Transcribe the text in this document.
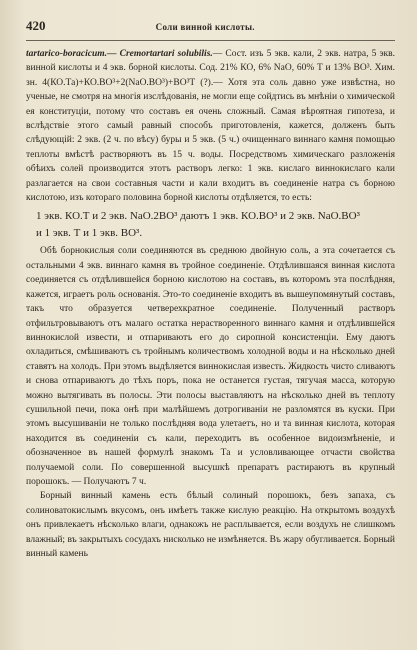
420	Соли винной кислоты.

tartarico-boracicum.— Cremortartari solubilis.— Сост. изъ 5 экв. кали, 2 экв. натра, 5 экв. винной кислоты и 4 экв. борной кислоты. Сод. 21% КО, 6% NaO, 60% Т и 13% ВО³. Хим. зн. 4(КО.Та)+КО.ВО³+2(NaO.ВО³)+ВО³Т (?).— Хотя эта соль давно уже извѣстна, но ученые, не смотря на многія изслѣдованія, не могли еще сойдтись въ мнѣніи о химической ея конституціи, потому что составъ ея очень сложный. Самая вѣроятная гипотеза, и вслѣдствіе этого самый равный способъ приготовленія, кажется, долженъ быть слѣдующій: 2 экв. (2 ч. по вѣсу) буры и 5 экв. (5 ч.) очищеннаго виннаго камня помощью теплоты вмѣстѣ растворяютъ въ 15 ч. воды. Посредствомъ химическаго разложенія обѣихъ солей производится этотъ растворъ легко: 1 экв. кислаго виннокислаго кали разлагается на свои составныя части и кали входитъ въ соединеніе натра съ борною кислотою, изъ котораго половина борной кислоты отдѣляется, то есть:

1 экв. КО.Т и 2 экв. NaO.2ВО³ даютъ 1 экв. КО.ВО³ и 2 экв. NaO.ВО³
и 1 экв. Т и 1 экв. ВО³.

Обѣ борнокислыя соли соединяются въ среднюю двойную соль, а эта сочетается съ остальными 4 экв. виннаго камня въ тройное соединеніе. Отдѣлившаяся винная кислота соединяется съ отдѣлившейся борною кислотою на составъ, въ которомъ эта послѣдняя, кажется, играетъ роль основанія. Это-то соединеніе входитъ въ вышеупомянутый составъ, такъ что образуется четверехкратное соединеніе. Полученный растворъ отфильтровываютъ отъ малаго остатка нерастворенного виннаго камня и отдѣлившейся виннокислой извести, и отпариваютъ его до сиропной консистенціи. Ему даютъ охладиться, смѣшиваютъ съ тройнымъ количествомъ холодной воды и на нѣсколько дней ставятъ на холодъ. При этомъ выдѣляется виннокислая известь. Жидкость чисто сливаютъ и снова отпариваютъ до тѣхъ поръ, пока не останется густая, тягучая масса, которую можно вытягивать въ полосы. Эти полосы выставляютъ на нѣсколько дней въ теплоту сушильной печи, пока онѣ при малѣйшемъ дотрогиваніи не разломятся въ куски. При этомъ высушиваніи не только послѣдняя вода улетаетъ, но и та винная кислота, которая находится въ соединеніи съ кали, переходитъ въ особенное видоизмѣненіе, и обозначенное въ нашей формулѣ знакомъ Та и условливающее отчасти свойства получаемой соли. По совершенной высушкѣ препаратъ растираютъ въ крупный порошокъ. — Получаютъ 7 ч.

Борный винный камень есть бѣлый солиный порошокъ, безъ запаха, съ солиноватокислымъ вкусомъ, онъ имѣетъ также кислую реакцію. На открытомъ воздухѣ онъ привлекаетъ нѣсколько влаги, однакожъ не расплывается, если воздухъ не слишкомъ влажный; въ закрытыхъ сосудахъ нисколько не измѣняется. Въ жару обугливается. Борный винный камень
